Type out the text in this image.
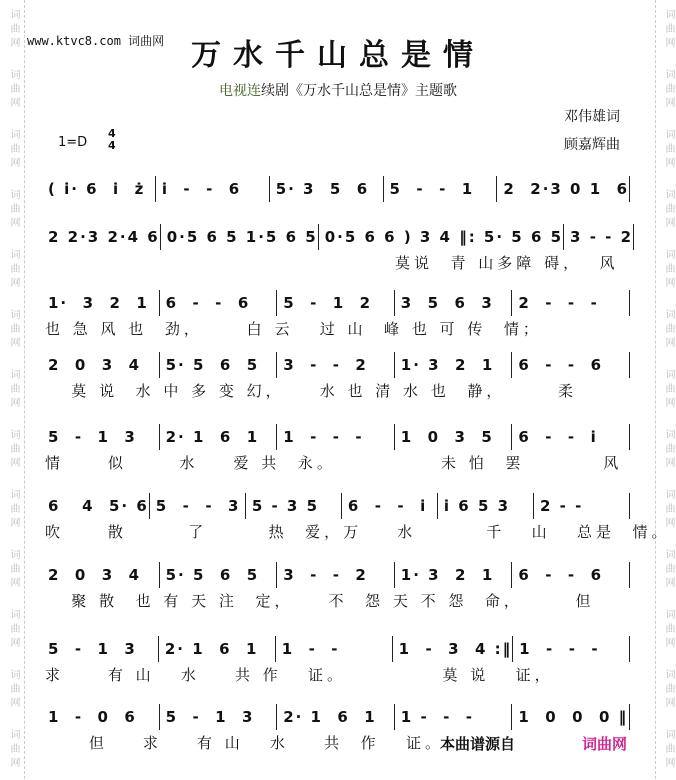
词曲网
词曲网
词曲网
词曲网
词曲网
词曲网
词曲网
词曲网
词曲网
词曲网
词曲网
词曲网
词曲网
词曲网
词曲网
词曲网
词曲网
词曲网
词曲网
词曲网
词曲网
词曲网
词曲网
词曲网
词曲网
词曲网
www.ktvc8.com 词曲网 万水千山总是情
电视连续剧《万水千山总是情》主题歌
邓伟雄词
顾嘉辉曲
1=D
4
4
( i· 6  i  ż	i  -  -  6	5· 3  5  6	5  -  -  1	2  2·3 0 1  6
2 2·3 2·4 6 0·5 6 5 1·5 6 5 0·5 6 6 ) 3 4 ‖: 5· 5 6 5 3 - - 2
莫说  青 山多障 碍，  风
1·  3  2  1	6  -  -  6	5  -  1  2	3  5  6  3	2  -  -  -
也 急 风 也  劲，     白 云   过 山  峰 也 可 传  情；
2  0  3  4	5· 5  6  5	3  -  -  2	1· 3  2  1	6  -  -  6
莫 说  水 中 多 变 幻，    水 也 清 水 也  静，      柔
5  -  1  3	2· 1  6  1	1  -  -  -	1  0  3  5	6  -  -  i
情     似      水    爱 共  永。            未 怕  罢         风
6   4  5· 6 5  -  -  3 5 - 3 5	6  -  -  i	i 6 5 3	2 - -
吹     散       了       热  爱，万    水        千   山   总是  情。
2  0  3  4	5· 5  6  5	3  -  -  2	1· 3  2  1	6  -  -  6
聚 散  也 有 天 注  定，    不  怨 天 不 怨  命，      但
5  -  1  3	2· 1  6  1	1  -  -	1  -  3  4 :‖ 1  -  -  -
求     有 山   水    共 作   证。           莫 说   证，
1  -  0  6	5  -  1  3	2· 1  6  1	1 -  -  -	1  0  0  0 ‖
但    求    有 山   水    共  作   证。
本曲谱源自	词曲网
